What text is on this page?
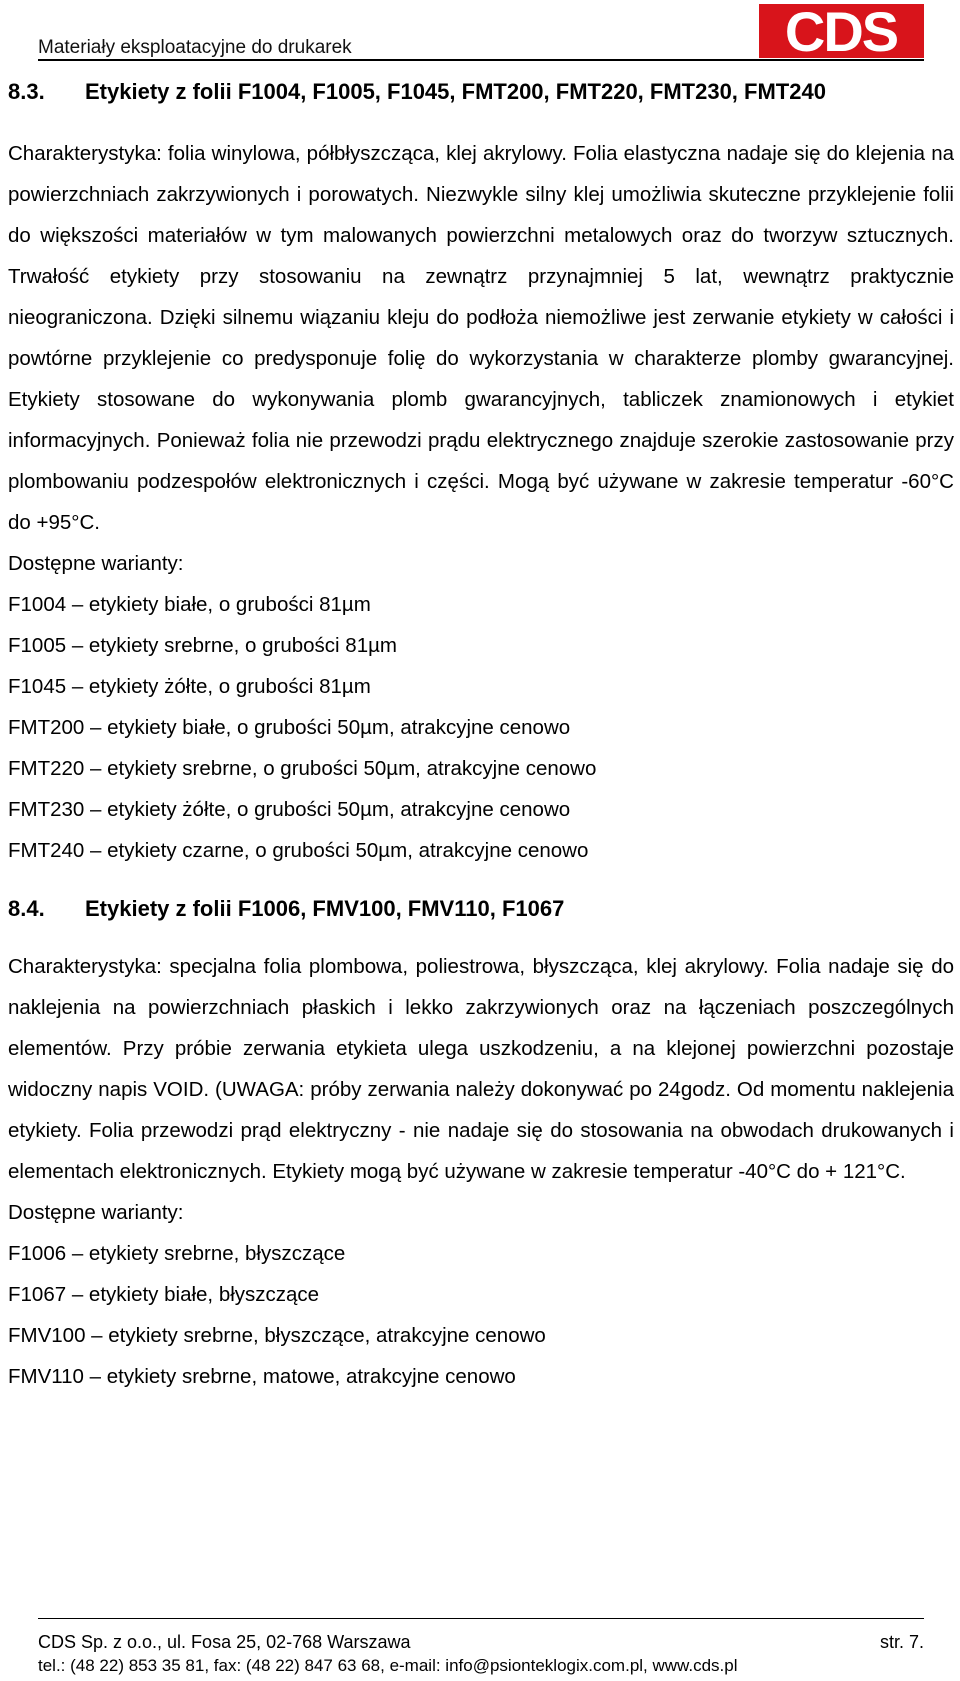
Materiały eksploatacyjne do drukarek	CDS
8.3.	Etykiety z folii F1004, F1005, F1045, FMT200, FMT220, FMT230, FMT240

Charakterystyka: folia winylowa, półbłyszcząca, klej akrylowy. Folia elastyczna nadaje się do klejenia na powierzchniach zakrzywionych i porowatych. Niezwykle silny klej umożliwia skuteczne przyklejenie folii do większości materiałów w tym malowanych powierzchni metalowych oraz do tworzyw sztucznych. Trwałość etykiety przy stosowaniu na zewnątrz przynajmniej 5 lat, wewnątrz praktycznie nieograniczona. Dzięki silnemu wiązaniu kleju do podłoża niemożliwe jest zerwanie etykiety w całości i powtórne przyklejenie co predysponuje folię do wykorzystania w charakterze plomby gwarancyjnej. Etykiety stosowane do wykonywania plomb gwarancyjnych, tabliczek znamionowych i etykiet informacyjnych. Ponieważ folia nie przewodzi prądu elektrycznego znajduje szerokie zastosowanie przy plombowaniu podzespołów elektronicznych i części. Mogą być używane w zakresie temperatur -60°C do +95°C.

Dostępne warianty:

F1004 – etykiety białe, o grubości 81µm
F1005 – etykiety srebrne, o grubości 81µm
F1045 – etykiety żółte, o grubości 81µm
FMT200 – etykiety białe, o grubości 50µm, atrakcyjne cenowo
FMT220 – etykiety srebrne, o grubości 50µm, atrakcyjne cenowo
FMT230 – etykiety żółte, o grubości 50µm, atrakcyjne cenowo
FMT240 – etykiety czarne, o grubości 50µm, atrakcyjne cenowo
8.4.	Etykiety z folii F1006, FMV100, FMV110, F1067

Charakterystyka: specjalna folia plombowa, poliestrowa, błyszcząca, klej akrylowy. Folia nadaje się do naklejenia na powierzchniach płaskich i lekko zakrzywionych oraz na łączeniach poszczególnych elementów. Przy próbie zerwania etykieta ulega uszkodzeniu, a na klejonej powierzchni pozostaje widoczny napis VOID. (UWAGA: próby zerwania należy dokonywać po 24godz. Od momentu naklejenia etykiety. Folia przewodzi prąd elektryczny - nie nadaje się do stosowania na obwodach drukowanych i elementach elektronicznych. Etykiety mogą być używane w zakresie temperatur -40°C do + 121°C.

Dostępne warianty:

F1006 – etykiety srebrne, błyszczące
F1067 – etykiety białe, błyszczące
FMV100 – etykiety srebrne, błyszczące, atrakcyjne cenowo
FMV110 – etykiety srebrne, matowe, atrakcyjne cenowo
CDS Sp. z o.o., ul. Fosa 25, 02-768 Warszawa	str. 7.
tel.: (48 22) 853 35 81, fax: (48 22) 847 63 68, e-mail: info@psionteklogix.com.pl, www.cds.pl
